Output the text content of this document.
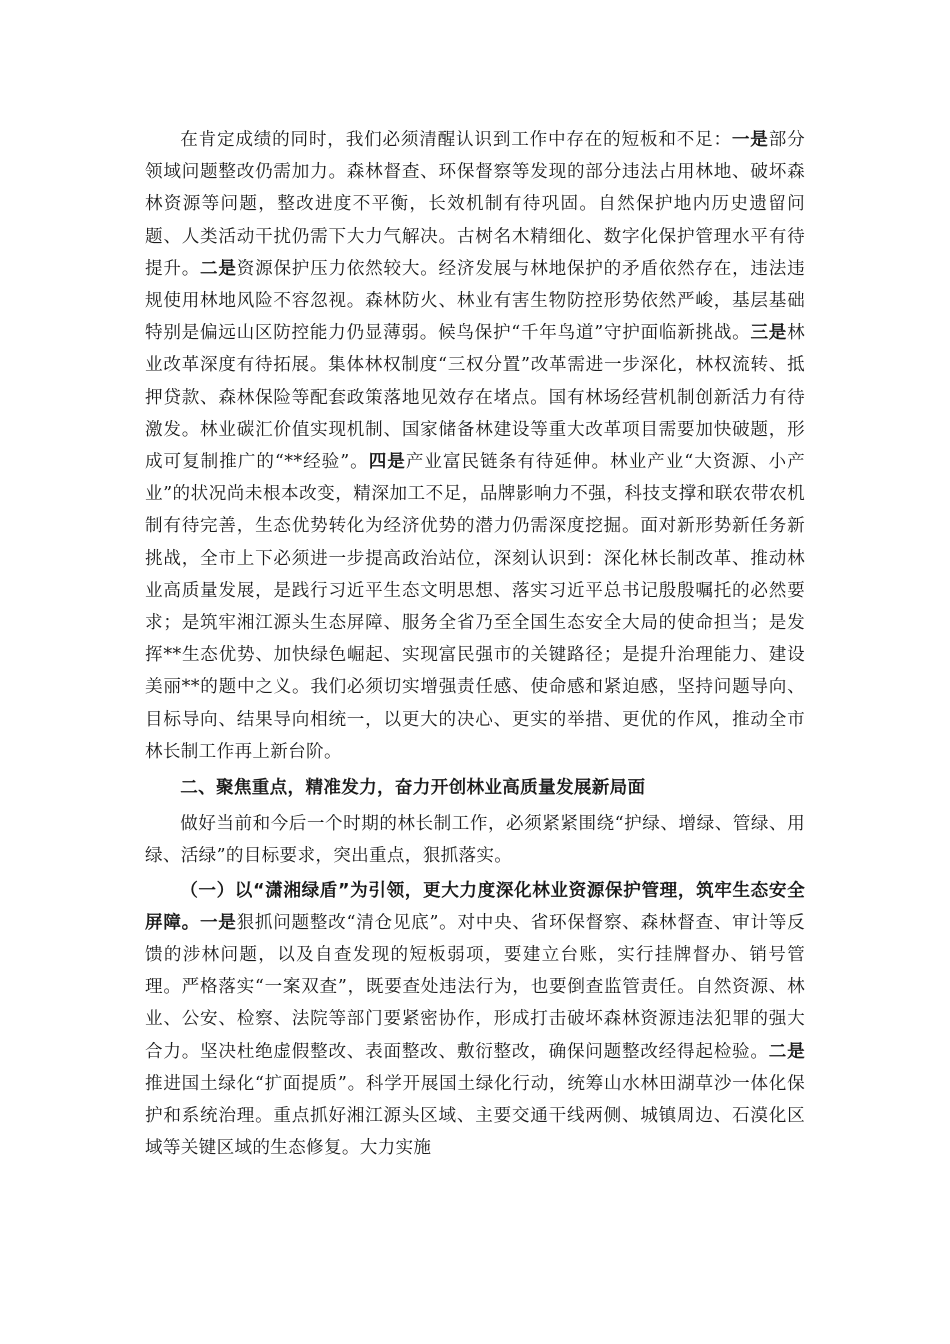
在肯定成绩的同时，我们必须清醒认识到工作中存在的短板和不足：一是部分领域问题整改仍需加力。森林督查、环保督察等发现的部分违法占用林地、破坏森林资源等问题，整改进度不平衡，长效机制有待巩固。自然保护地内历史遗留问题、人类活动干扰仍需下大力气解决。古树名木精细化、数字化保护管理水平有待提升。二是资源保护压力依然较大。经济发展与林地保护的矛盾依然存在，违法违规使用林地风险不容忽视。森林防火、林业有害生物防控形势依然严峻，基层基础特别是偏远山区防控能力仍显薄弱。候鸟保护“千年鸟道”守护面临新挑战。三是林业改革深度有待拓展。集体林权制度“三权分置”改革需进一步深化，林权流转、抵押贷款、森林保险等配套政策落地见效存在堵点。国有林场经营机制创新活力有待激发。林业碳汇价值实现机制、国家储备林建设等重大改革项目需要加快破题，形成可复制推广的“**经验”。四是产业富民链条有待延伸。林业产业“大资源、小产业”的状况尚未根本改变，精深加工不足，品牌影响力不强，科技支撑和联农带农机制有待完善，生态优势转化为经济优势的潜力仍需深度挖掘。面对新形势新任务新挑战，全市上下必须进一步提高政治站位，深刻认识到：深化林长制改革、推动林业高质量发展，是践行习近平生态文明思想、落实习近平总书记殷殷嘱托的必然要求；是筑牢湘江源头生态屏障、服务全省乃至全国生态安全大局的使命担当；是发挥**生态优势、加快绿色崛起、实现富民强市的关键路径；是提升治理能力、建设美丽**的题中之义。我们必须切实增强责任感、使命感和紧迫感，坚持问题导向、目标导向、结果导向相统一，以更大的决心、更实的举措、更优的作风，推动全市林长制工作再上新台阶。

二、聚焦重点，精准发力，奋力开创林业高质量发展新局面

做好当前和今后一个时期的林长制工作，必须紧紧围绕“护绿、增绿、管绿、用绿、活绿”的目标要求，突出重点，狠抓落实。

（一）以“潇湘绿盾”为引领，更大力度深化林业资源保护管理，筑牢生态安全屏障。一是狠抓问题整改“清仓见底”。对中央、省环保督察、森林督查、审计等反馈的涉林问题，以及自查发现的短板弱项，要建立台账，实行挂牌督办、销号管理。严格落实“一案双查”，既要查处违法行为，也要倒查监管责任。自然资源、林业、公安、检察、法院等部门要紧密协作，形成打击破坏森林资源违法犯罪的强大合力。坚决杜绝虚假整改、表面整改、敷衍整改，确保问题整改经得起检验。二是推进国土绿化“扩面提质”。科学开展国土绿化行动，统筹山水林田湖草沙一体化保护和系统治理。重点抓好湘江源头区域、主要交通干线两侧、城镇周边、石漠化区域等关键区域的生态修复。大力实施
